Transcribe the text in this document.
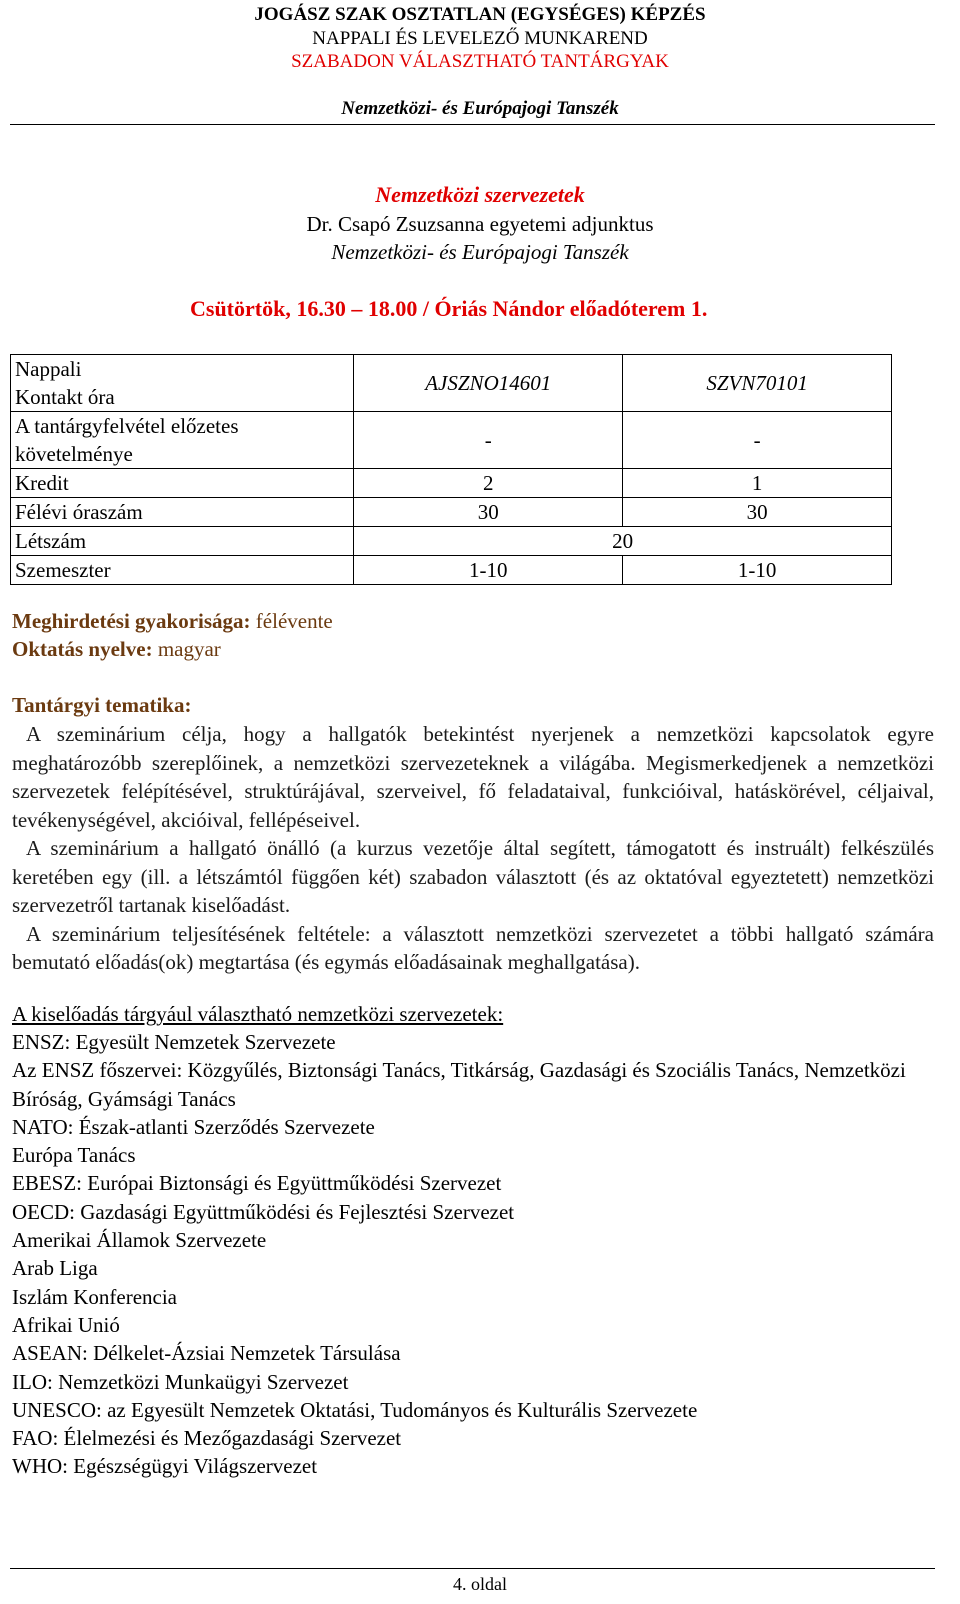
JOGÁSZ SZAK OSZTATLAN (EGYSÉGES) KÉPZÉS
NAPPALI ÉS LEVELEZŐ MUNKAREND
SZABADON VÁLASZTHATÓ TANTÁRGYAK
Nemzetközi- és Európajogi Tanszék
Nemzetközi szervezetek
Dr. Csapó Zsuzsanna egyetemi adjunktus
Nemzetközi- és Európajogi Tanszék
Csütörtök, 16.30 – 18.00 / Óriás Nándor előadóterem 1.
Nappali
Kontakt óra	AJSZNO14601	SZVN70101

A tantárgyfelvétel előzetes
követelménye	-	-
Kredit	2	1
Félévi óraszám	30	30
Létszám	20	
Szemeszter	1-10	1-10
Meghirdetési gyakorisága: félévente
Oktatás nyelve: magyar
Tantárgyi tematika:

A szeminárium célja, hogy a hallgatók betekintést nyerjenek a nemzetközi kapcsolatok egyre meghatározóbb szereplőinek, a nemzetközi szervezeteknek a világába. Megismerkedjenek a nemzetközi szervezetek felépítésével, struktúrájával, szerveivel, fő feladataival, funkcióival, hatáskörével, céljaival, tevékenységével, akcióival, fellépéseivel.

A szeminárium a hallgató önálló (a kurzus vezetője által segített, támogatott és instruált) felkészülés keretében egy (ill. a létszámtól függően két) szabadon választott (és az oktatóval egyeztetett) nemzetközi szervezetről tartanak kiselőadást.

A szeminárium teljesítésének feltétele: a választott nemzetközi szervezetet a többi hallgató számára bemutató előadás(ok) megtartása (és egymás előadásainak meghallgatása).

A kiselőadás tárgyául választható nemzetközi szervezetek:
ENSZ: Egyesült Nemzetek Szervezete
Az ENSZ főszervei: Közgyűlés, Biztonsági Tanács, Titkárság, Gazdasági és Szociális Tanács, Nemzetközi Bíróság, Gyámsági Tanács
NATO: Észak-atlanti Szerződés Szervezete
Európa Tanács
EBESZ: Európai Biztonsági és Együttműködési Szervezet
OECD: Gazdasági Együttműködési és Fejlesztési Szervezet
Amerikai Államok Szervezete
Arab Liga
Iszlám Konferencia
Afrikai Unió
ASEAN: Délkelet-Ázsiai Nemzetek Társulása
ILO: Nemzetközi Munkaügyi Szervezet
UNESCO: az Egyesült Nemzetek Oktatási, Tudományos és Kulturális Szervezete
FAO: Élelmezési és Mezőgazdasági Szervezet
WHO: Egészségügyi Világszervezet
4. oldal
